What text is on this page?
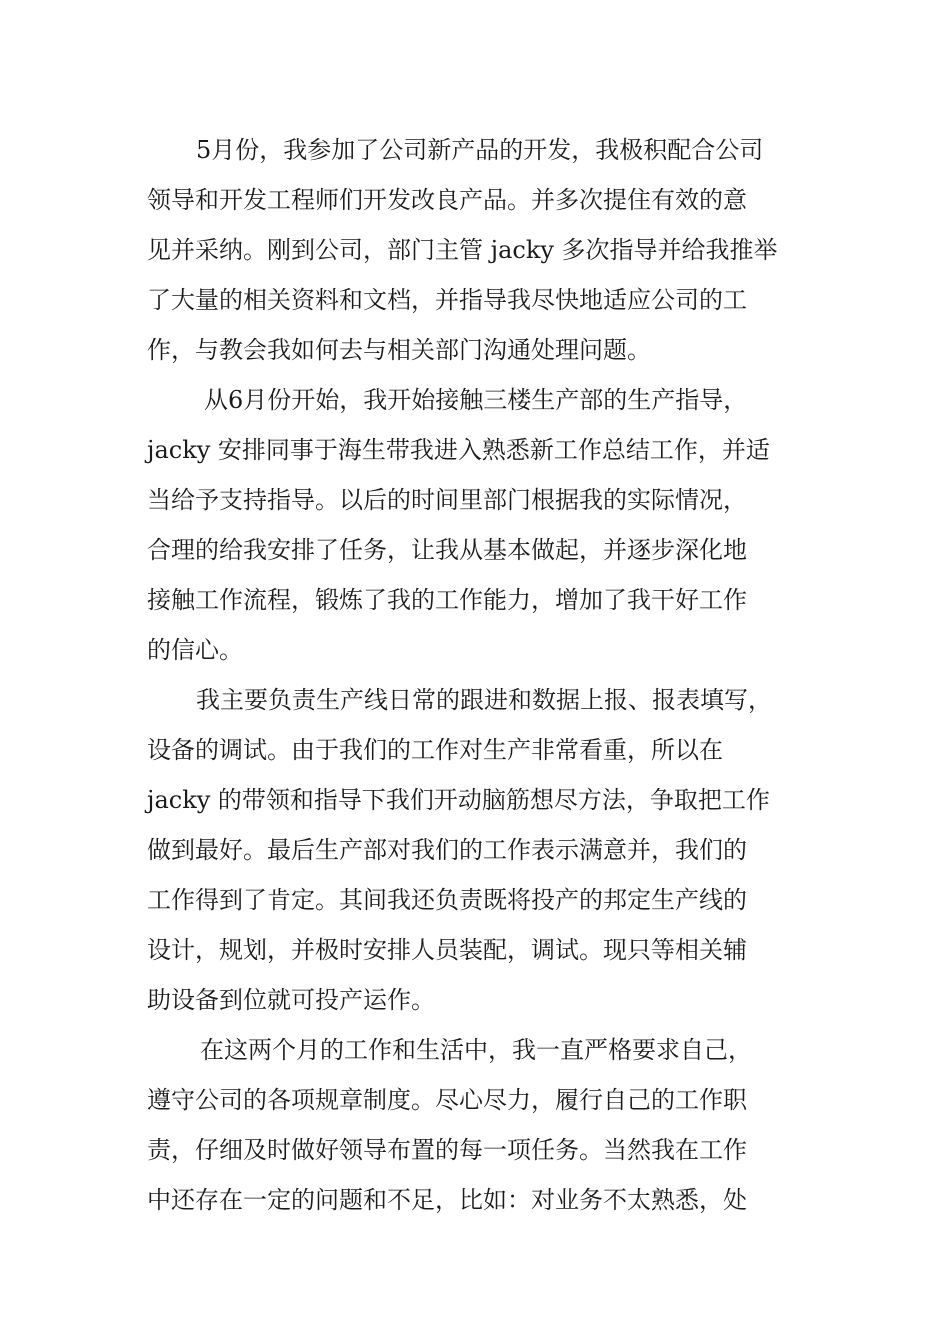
5月份，我参加了公司新产品的开发，我极积配合公司
领导和开发工程师们开发改良产品。并多次提住有效的意
见并采纳。刚到公司，部门主管 jacky 多次指导并给我推举
了大量的相关资料和文档，并指导我尽快地适应公司的工
作，与教会我如何去与相关部门沟通处理问题。
从6月份开始，我开始接触三楼生产部的生产指导，
jacky 安排同事于海生带我进入熟悉新工作总结工作，并适
当给予支持指导。以后的时间里部门根据我的实际情况，
合理的给我安排了任务，让我从基本做起，并逐步深化地
接触工作流程，锻炼了我的工作能力，增加了我干好工作
的信心。
我主要负责生产线日常的跟进和数据上报、报表填写，
设备的调试。由于我们的工作对生产非常看重，所以在
jacky 的带领和指导下我们开动脑筋想尽方法，争取把工作
做到最好。最后生产部对我们的工作表示满意并，我们的
工作得到了肯定。其间我还负责既将投产的邦定生产线的
设计，规划，并极时安排人员装配，调试。现只等相关辅
助设备到位就可投产运作。
在这两个月的工作和生活中，我一直严格要求自己，
遵守公司的各项规章制度。尽心尽力，履行自己的工作职
责，仔细及时做好领导布置的每一项任务。当然我在工作
中还存在一定的问题和不足，比如：对业务不太熟悉，处
